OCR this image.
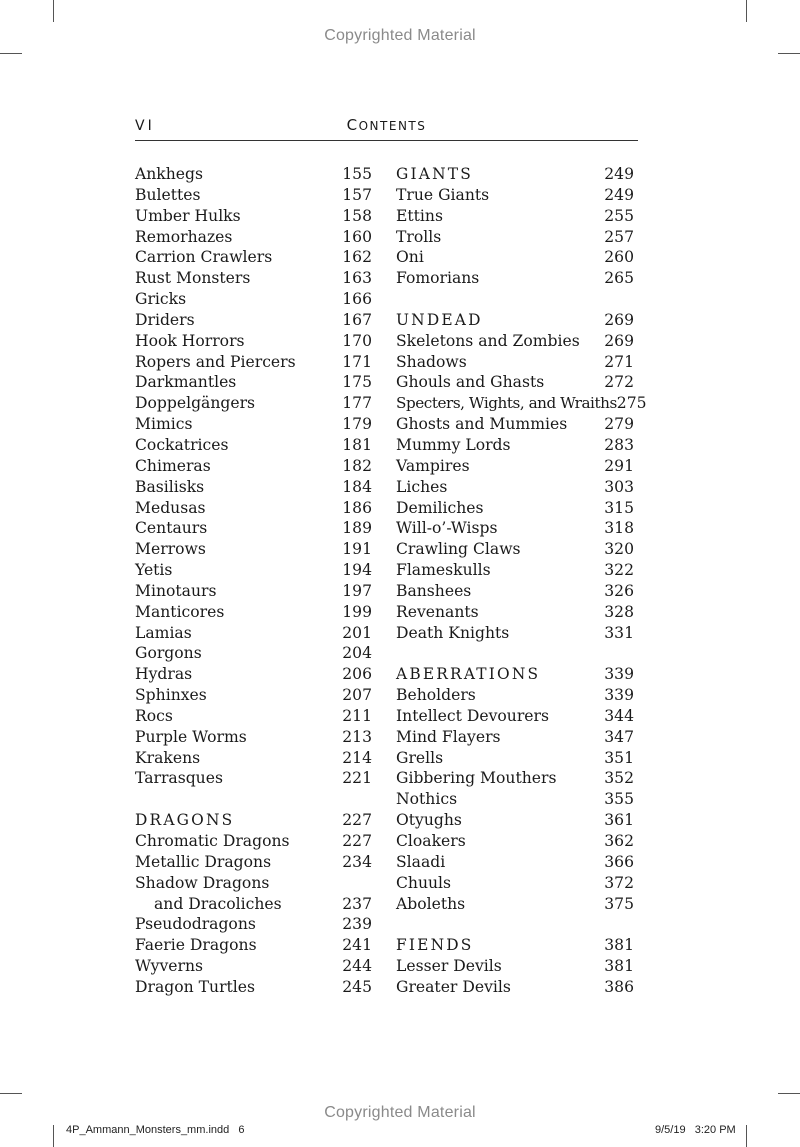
Copyrighted Material
VI	CONTENTS
Ankhegs	155
Bulettes	157
Umber Hulks	158
Remorhazes	160
Carrion Crawlers	162
Rust Monsters	163
Gricks	166
Driders	167
Hook Horrors	170
Ropers and Piercers	171
Darkmantles	175
Doppelgängers	177
Mimics	179
Cockatrices	181
Chimeras	182
Basilisks	184
Medusas	186
Centaurs	189
Merrows	191
Yetis	194
Minotaurs	197
Manticores	199
Lamias	201
Gorgons	204
Hydras	206
Sphinxes	207
Rocs	211
Purple Worms	213
Krakens	214
Tarrasques	221
DRAGONS	227
Chromatic Dragons	227
Metallic Dragons	234
Shadow Dragons
and Dracoliches	237
Pseudodragons	239
Faerie Dragons	241
Wyverns	244
Dragon Turtles	245
GIANTS	249
True Giants	249
Ettins	255
Trolls	257
Oni	260
Fomorians	265
UNDEAD	269
Skeletons and Zombies 269
Shadows	271
Ghouls and Ghasts	272
Specters, Wights, and Wraiths 275
Ghosts and Mummies 279
Mummy Lords	283
Vampires	291
Liches	303
Demiliches	315
Will-o’-Wisps	318
Crawling Claws	320
Flameskulls	322
Banshees	326
Revenants	328
Death Knights	331
ABERRATIONS	339
Beholders	339
Intellect Devourers	344
Mind Flayers	347
Grells	351
Gibbering Mouthers	352
Nothics	355
Otyughs	361
Cloakers	362
Slaadi	366
Chuuls	372
Aboleths	375
FIENDS	381
Lesser Devils	381
Greater Devils	386
Copyrighted Material
4P_Ammann_Monsters_mm.indd   6	9/5/19   3:20 PM
